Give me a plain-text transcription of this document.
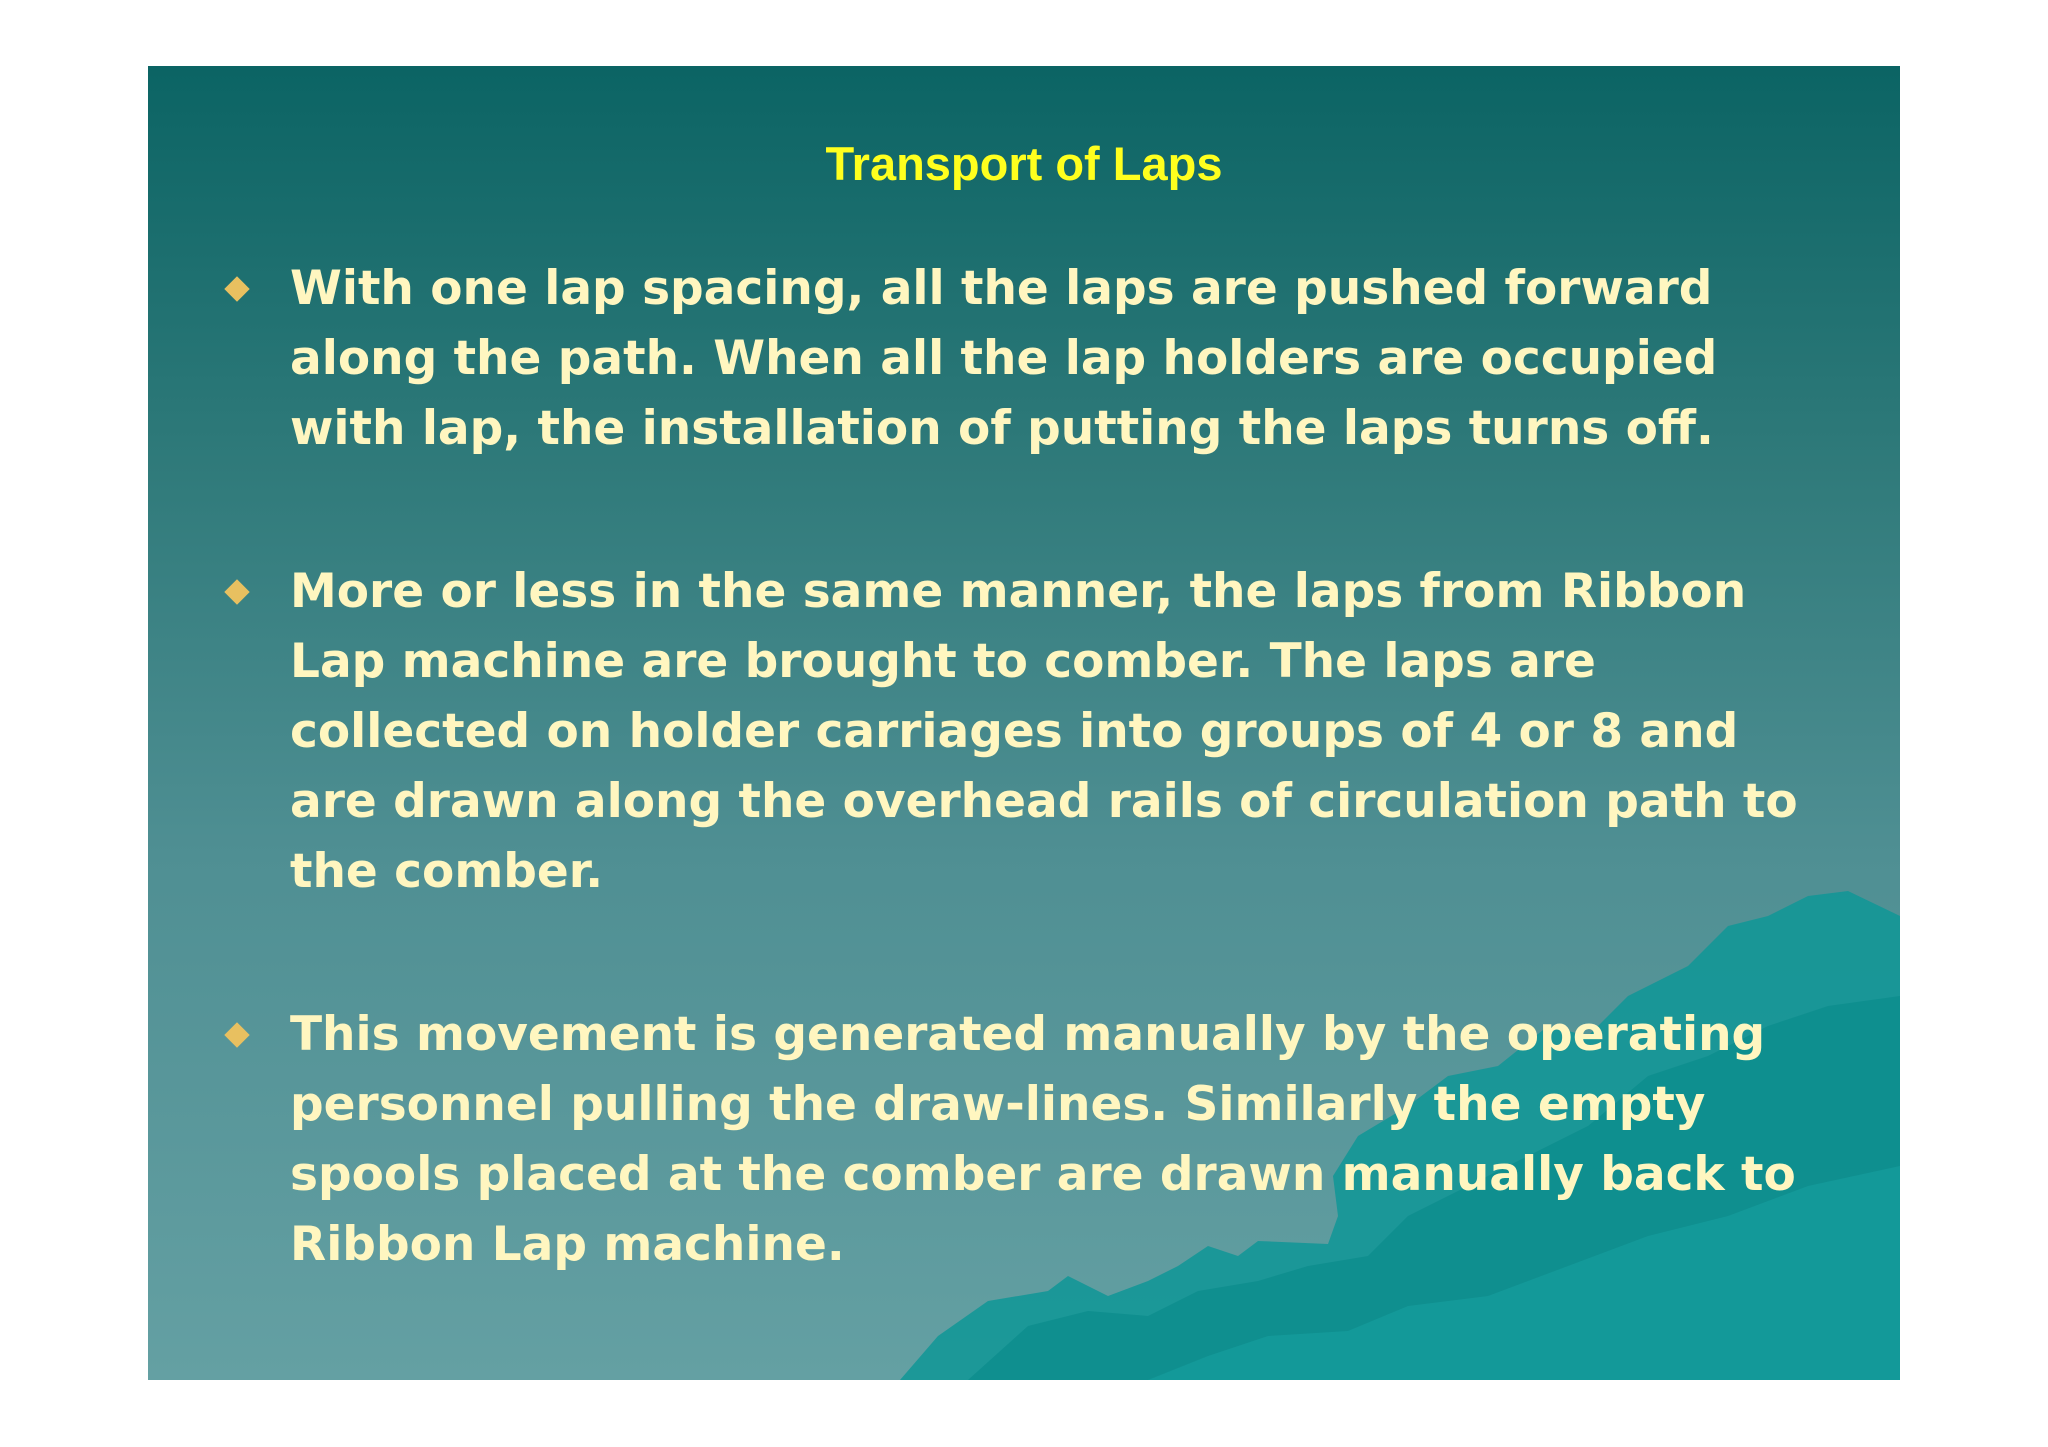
Transport of Laps
With one lap spacing, all the laps are pushed forward along the path. When all the lap holders are occupied with lap, the installation of putting the laps turns off.
More or less in the same manner, the laps from Ribbon Lap machine are brought to comber. The laps are collected on holder carriages into groups of 4 or 8 and are drawn along the overhead rails of circulation path to the comber.
This movement is generated manually by the operating personnel pulling the draw-lines. Similarly the empty spools placed at the comber are drawn manually back to Ribbon Lap machine.
